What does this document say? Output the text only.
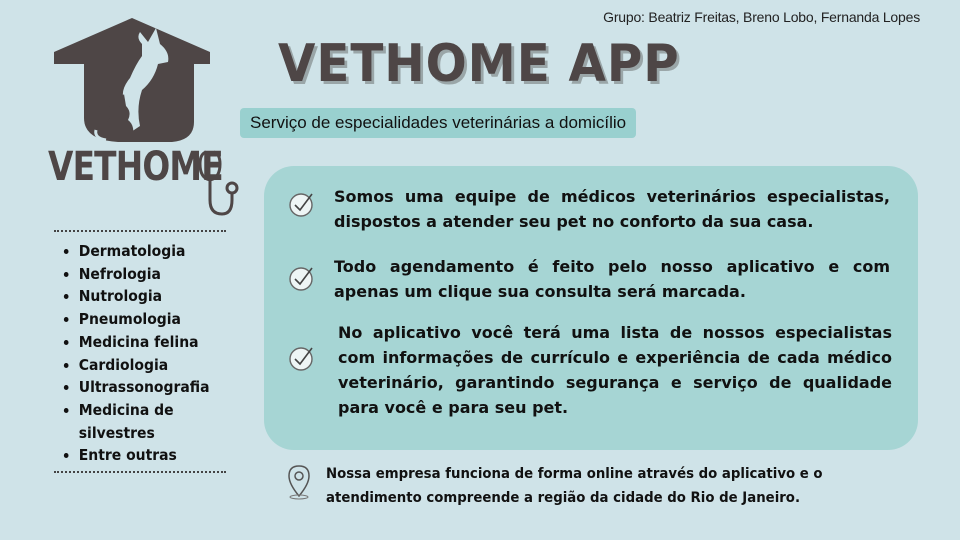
Grupo: Beatriz Freitas, Breno Lobo, Fernanda Lopes
VETHOME
VETHOME APP
Serviço de especialidades veterinárias a domicílio
• Dermatologia
• Nefrologia
• Nutrologia
• Pneumologia
• Medicina felina
• Cardiologia
• Ultrassonografia
• Medicina de silvestres
• Entre outras
Somos uma equipe de médicos veterinários especialistas, dispostos a atender seu pet no conforto da sua casa.
Todo agendamento é feito pelo nosso aplicativo e com apenas um clique sua consulta será marcada.
No aplicativo você terá uma lista de nossos especialistas com informações de currículo e experiência de cada médico veterinário, garantindo segurança e serviço de qualidade para você e para seu pet.
Nossa empresa funciona de forma online através do aplicativo e o atendimento compreende a região da cidade do Rio de Janeiro.
